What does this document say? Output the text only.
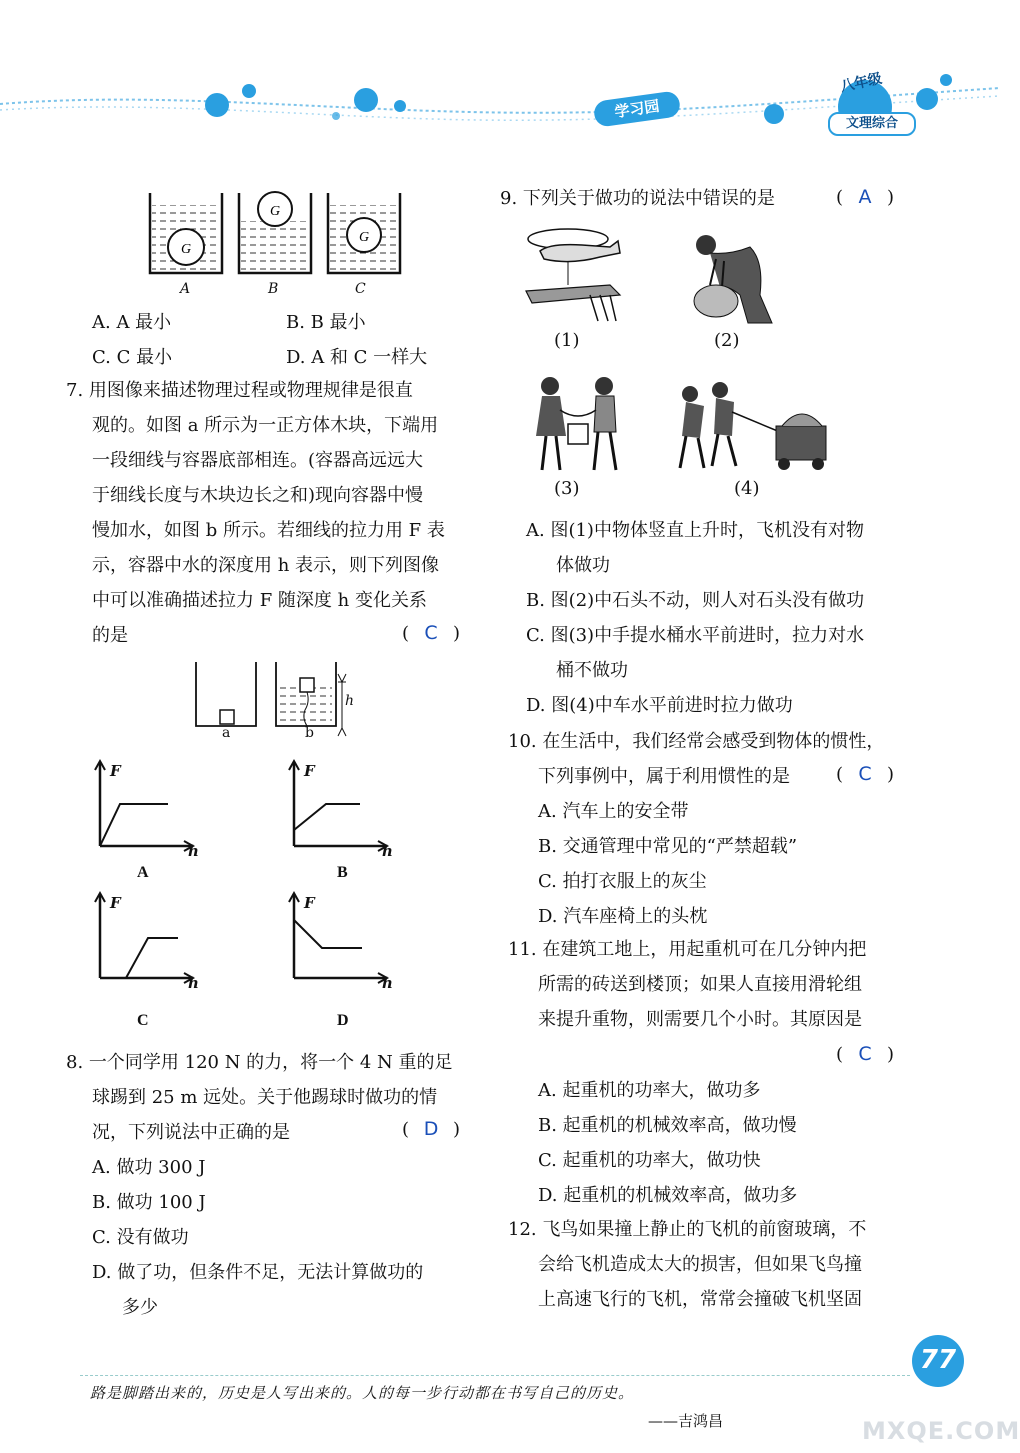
学习园
八年级
文理综合
G
G
G
A	B	C
A. A 最小	B. B 最小
C. C 最小	D. A 和 C 一样大
7. 用图像来描述物理过程或物理规律是很直
观的。如图 a 所示为一正方体木块，下端用
一段细线与容器底部相连。(容器高远远大
于细线长度与木块边长之和)现向容器中慢
慢加水，如图 b 所示。若细线的拉力用 F 表
示，容器中水的深度用 h 表示，则下列图像
中可以准确描述拉力 F 随深度 h 变化关系
的是	( C )
a	b
h
F
h
A
F
h
B
F
h
C
F
h
D
8. 一个同学用 120 N 的力，将一个 4 N 重的足
球踢到 25 m 远处。关于他踢球时做功的情
况，下列说法中正确的是	( D )
A. 做功 300 J
B. 做功 100 J
C. 没有做功
D. 做了功，但条件不足，无法计算做功的
多少
9. 下列关于做功的说法中错误的是	( A )
(1)	(2)
(3)	(4)
A. 图(1)中物体竖直上升时，飞机没有对物
体做功
B. 图(2)中石头不动，则人对石头没有做功
C. 图(3)中手提水桶水平前进时，拉力对水
桶不做功
D. 图(4)中车水平前进时拉力做功
10. 在生活中，我们经常会感受到物体的惯性，
下列事例中，属于利用惯性的是	( C )
A. 汽车上的安全带
B. 交通管理中常见的“严禁超载”
C. 拍打衣服上的灰尘
D. 汽车座椅上的头枕
11. 在建筑工地上，用起重机可在几分钟内把
所需的砖送到楼顶；如果人直接用滑轮组
来提升重物，则需要几个小时。其原因是
( C )
A. 起重机的功率大，做功多
B. 起重机的机械效率高，做功慢
C. 起重机的功率大，做功快
D. 起重机的机械效率高，做功多
12. 飞鸟如果撞上静止的飞机的前窗玻璃，不
会给飞机造成太大的损害，但如果飞鸟撞
上高速飞行的飞机，常常会撞破飞机坚固
路是脚踏出来的，历史是人写出来的。人的每一步行动都在书写自己的历史。
——吉鸿昌
77
MXQE.COM
